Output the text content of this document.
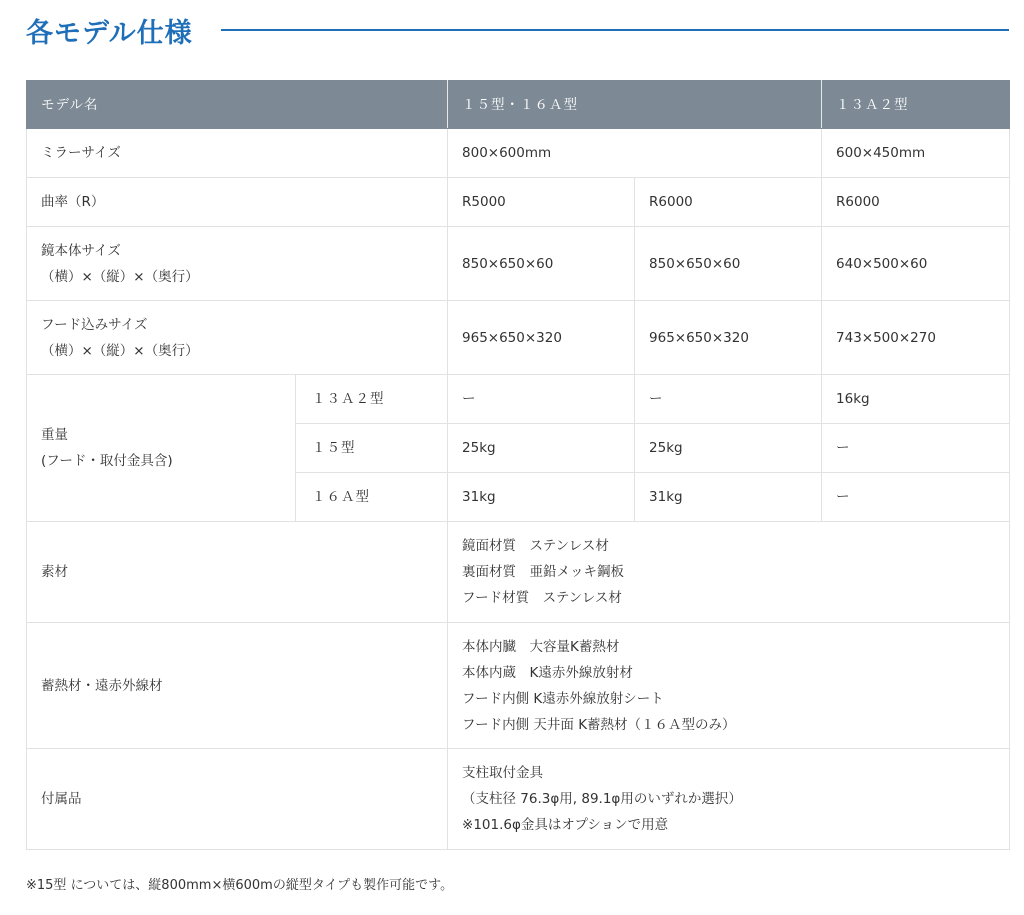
各モデル仕様
モデル名		１５型・１６Ａ型		１３Ａ２型
ミラーサイズ		800×600mm		600×450mm
曲率（R）		R5000	R6000	R6000

鏡本体サイズ
（横）×（縦）×（奥行）		850×650×60	850×650×60	640×500×60

フード込みサイズ
（横）×（縦）×（奥行）		965×650×320	965×650×320	743×500×270

重量
(フード・取付金具含)	１３Ａ２型	ー	ー	16kg
	１５型	25kg	25kg	ー
	１６Ａ型	31kg	31kg	ー
素材		鏡面材質　ステンレス材
裏面材質　亜鉛メッキ鋼板
フード材質　ステンレス材		

蓄熱材・遠赤外線材		本体内臓　大容量K蓄熱材
本体内蔵　K遠赤外線放射材
フード内側 K遠赤外線放射シート
フード内側 天井面 K蓄熱材（１６Ａ型のみ）		

付属品		支柱取付金具
（支柱径 76.3φ用, 89.1φ用のいずれか選択）
※101.6φ金具はオプションで用意		
※15型 については、縦800mm×横600mの縦型タイプも製作可能です。
